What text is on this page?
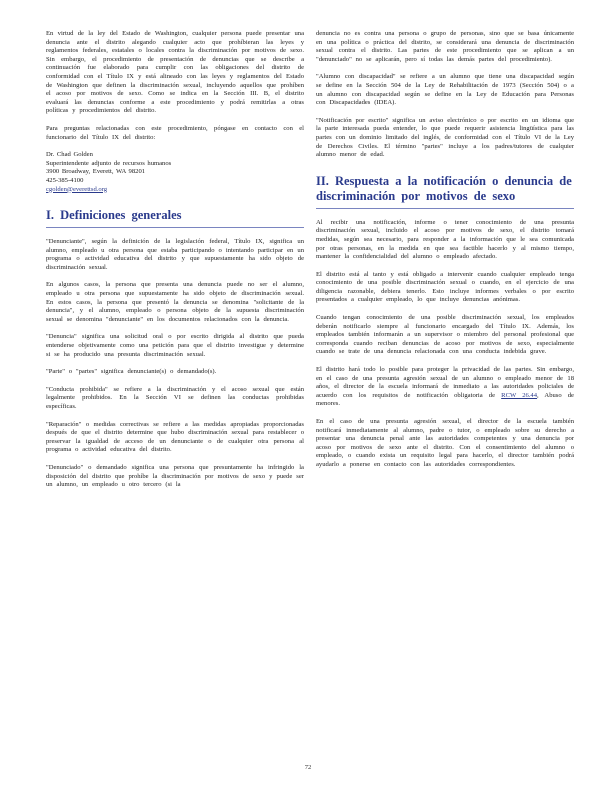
En virtud de la ley del Estado de Washington, cualquier persona puede presentar una denuncia ante el distrito alegando cualquier acto que prohíbieran las leyes y reglamentos federales, estatales o locales contra la discriminación por motivos de sexo. Sin embargo, el procedimiento de presentación de denuncias que se describe a continuación fue elaborado para cumplir con las obligaciones del distrito de conformidad con el Título IX y está alineado con las leyes y reglamentos del Estado de Washington que definen la discriminación sexual, incluyendo aquellos que prohíben el acoso por motivos de sexo. Como se indica en la Sección III. B, el distrito evaluará las denuncias conforme a este procedimiento y podrá remitirlas a otras políticas y procedimientos del distrito.

Para preguntas relacionadas con este procedimiento, póngase en contacto con el funcionario del Título IX del distrito:

Dr. Chad Golden

Superintendente adjunto de recursos humanos

3900 Broadway, Everett, WA 98201

425-385-4100

cgolden@everettsd.org

I. Definiciones generales

"Denunciante", según la definición de la legislación federal, Título IX, significa un alumno, empleado u otra persona que estaba participando o intentando participar en un programa o actividad educativa del distrito y que supuestamente ha sido objeto de discriminación sexual.

En algunos casos, la persona que presenta una denuncia puede no ser el alumno, empleado u otra persona que supuestamente ha sido objeto de discriminación sexual. En estos casos, la persona que presentó la denuncia se denomina "solicitante de la denuncia", y el alumno, empleado o persona objeto de la supuesta discriminación sexual se denomina "denunciante" en los documentos relacionados con la denuncia.

"Denuncia" significa una solicitud oral o por escrito dirigida al distrito que pueda entenderse objetivamente como una petición para que el distrito investigue y determine si se ha producido una presunta discriminación sexual.

"Parte" o "partes" significa denunciante(s) o demandado(s).

"Conducta prohibida" se refiere a la discriminación y el acoso sexual que están legalmente prohibidos. En la Sección VI se definen las conductas prohibidas específicas.

"Reparación" o medidas correctivas se refiere a las medidas apropiadas proporcionadas después de que el distrito determine que hubo discriminación sexual para restablecer o preservar la igualdad de acceso de un denunciante o de cualquier otra persona al programa o actividad educativa del distrito.

"Denunciado" o demandado significa una persona que presuntamente ha infringido la disposición del distrito que prohíbe la discriminación por motivos de sexo y puede ser un alumno, un empleado u otro tercero (si la

denuncia no es contra una persona o grupo de personas, sino que se basa únicamente en una política o práctica del distrito, se considerará una denuncia de discriminación sexual contra el distrito. Las partes de este procedimiento que se aplican a un "denunciado" no se aplicarán, pero sí todas las demás partes del procedimiento).

"Alumno con discapacidad" se refiere a un alumno que tiene una discapacidad según se define en la Sección 504 de la Ley de Rehabilitación de 1973 (Sección 504) o a un alumno con discapacidad según se define en la Ley de Educación para Personas con Discapacidades (IDEA).

"Notificación por escrito" significa un aviso electrónico o por escrito en un idioma que la parte interesada pueda entender, lo que puede requerir asistencia lingüística para las partes con un dominio limitado del inglés, de conformidad con el Título VI de la Ley de Derechos Civiles. El término "partes" incluye a los padres/tutores de cualquier alumno menor de edad.

II. Respuesta a la notificación o denuncia de discriminación por motivos de sexo

Al recibir una notificación, informe o tener conocimiento de una presunta discriminación sexual, incluido el acoso por motivos de sexo, el distrito tomará medidas, según sea necesario, para responder a la información que le sea comunicada por otras personas, en la medida en que sea factible hacerlo y al mismo tiempo, mantener la confidencialidad del alumno o empleado afectado.

El distrito está al tanto y está obligado a intervenir cuando cualquier empleado tenga conocimiento de una posible discriminación sexual o cuando, en el ejercicio de una diligencia razonable, debiera tenerlo. Esto incluye informes verbales o por escrito presentados a cualquier empleado, lo que incluye denuncias anónimas.

Cuando tengan conocimiento de una posible discriminación sexual, los empleados deberán notificarlo siempre al funcionario encargado del Título IX. Además, los empleados también informarán a un supervisor o miembro del personal profesional que corresponda cuando reciban denuncias de acoso por motivos de sexo, especialmente cuando se trate de una denuncia relacionada con una conducta indebida grave.

El distrito hará todo lo posible para proteger la privacidad de las partes. Sin embargo, en el caso de una presunta agresión sexual de un alumno o empleado menor de 18 años, el director de la escuela informará de inmediato a las autoridades policiales de acuerdo con los requisitos de notificación obligatoria de RCW 26.44, Abuso de menores.

En el caso de una presunta agresión sexual, el director de la escuela también notificará inmediatamente al alumno, padre o tutor, o empleado sobre su derecho a presentar una denuncia penal ante las autoridades competentes y una denuncia por acoso por motivos de sexo ante el distrito. Con el consentimiento del alumno o empleado, o cuando exista un requisito legal para hacerlo, el director también podrá ayudarlo a ponerse en contacto con las autoridades correspondientes.

72
